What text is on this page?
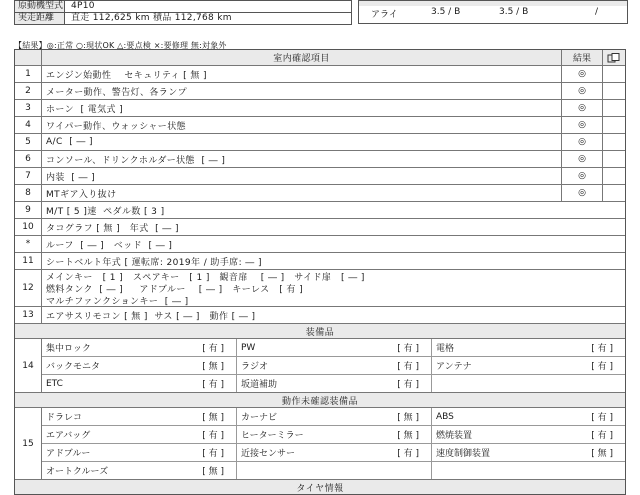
原動機型式 4P10
実走距離	直走 112,625 km 積品 112,768 km	アライ	3.5 / B	3.5 / B	/
【結果】◎:正常 ○:現状OK △:要点検 ×:要修理 無:対象外
室内確認項目	結果
1	エンジン始動性    セキュリティ [ 無 ]	◎
2	メーター動作、警告灯、各ランプ	◎
3	ホーン  [ 電気式 ]	◎
4	ワイパー動作、ウォッシャー状態	◎
5	A/C  [ ― ]	◎
6	コンソール、ドリンクホルダー状態  [ ― ]	◎
7	内装  [ ― ]	◎
8	MTギア入り抜け	◎
9	M/T [ 5 ]速  ペダル数 [ 3 ]
10	タコグラフ [ 無 ]   年式  [ ― ]
*	ルーフ  [ ― ]   ベッド  [ ― ]
11	シートベルト年式 [ 運転席: 2019年 / 助手席: ― ]
12
メインキー   [ 1 ]   スペアキー   [ 1 ]   観音扉    [ ― ]   サイド扉   [ ― ]
燃料タンク  [ ― ]     アドブルー    [ ― ]   キーレス   [ 有 ]
マルチファンクションキー  [ ― ]
13	エアサスリモコン [ 無 ]  サス [ ― ]   動作 [ ― ]
装備品
14
集中ロック	[ 有 ] PW	[ 有 ] 電格	[ 有 ]
バックモニタ	[ 無 ] ラジオ	[ 有 ] アンテナ	[ 有 ]
ETC	[ 有 ] 坂道補助	[ 有 ]
動作未確認装備品
15
ドラレコ	[ 無 ] カーナビ	[ 無 ] ABS	[ 有 ]
エアバッグ	[ 有 ] ヒーターミラー	[ 無 ] 燃焼装置	[ 有 ]
アドブルー	[ 有 ] 近接センサー	[ 有 ] 速度制御装置	[ 無 ]
オートクルーズ	[ 無 ]
タイヤ情報
